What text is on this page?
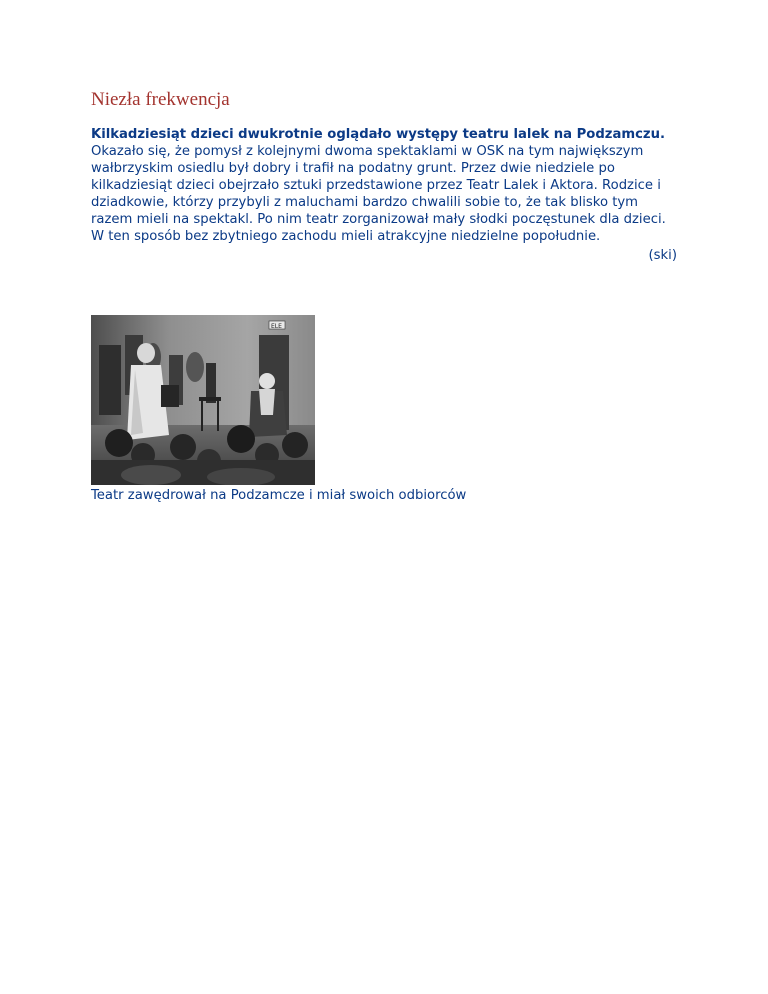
Niezła frekwencja

Kilkadziesiąt dzieci dwukrotnie oglądało występy teatru lalek na Podzamczu.

Okazało się, że pomysł z kolejnymi dwoma spektaklami w OSK na tym największym wałbrzyskim osiedlu był dobry i trafił na podatny grunt. Przez dwie niedziele po kilkadziesiąt dzieci obejrzało sztuki przedstawione przez Teatr Lalek i Aktora. Rodzice i dziadkowie, którzy przybyli z maluchami bardzo chwalili sobie to, że tak blisko tym razem mieli na spektakl. Po nim teatr zorganizował mały słodki poczęstunek dla dzieci. W ten sposób bez zbytniego zachodu mieli atrakcyjne niedzielne popołudnie.

(ski)

ELE
Teatr zawędrował na Podzamcze i miał swoich odbiorców
